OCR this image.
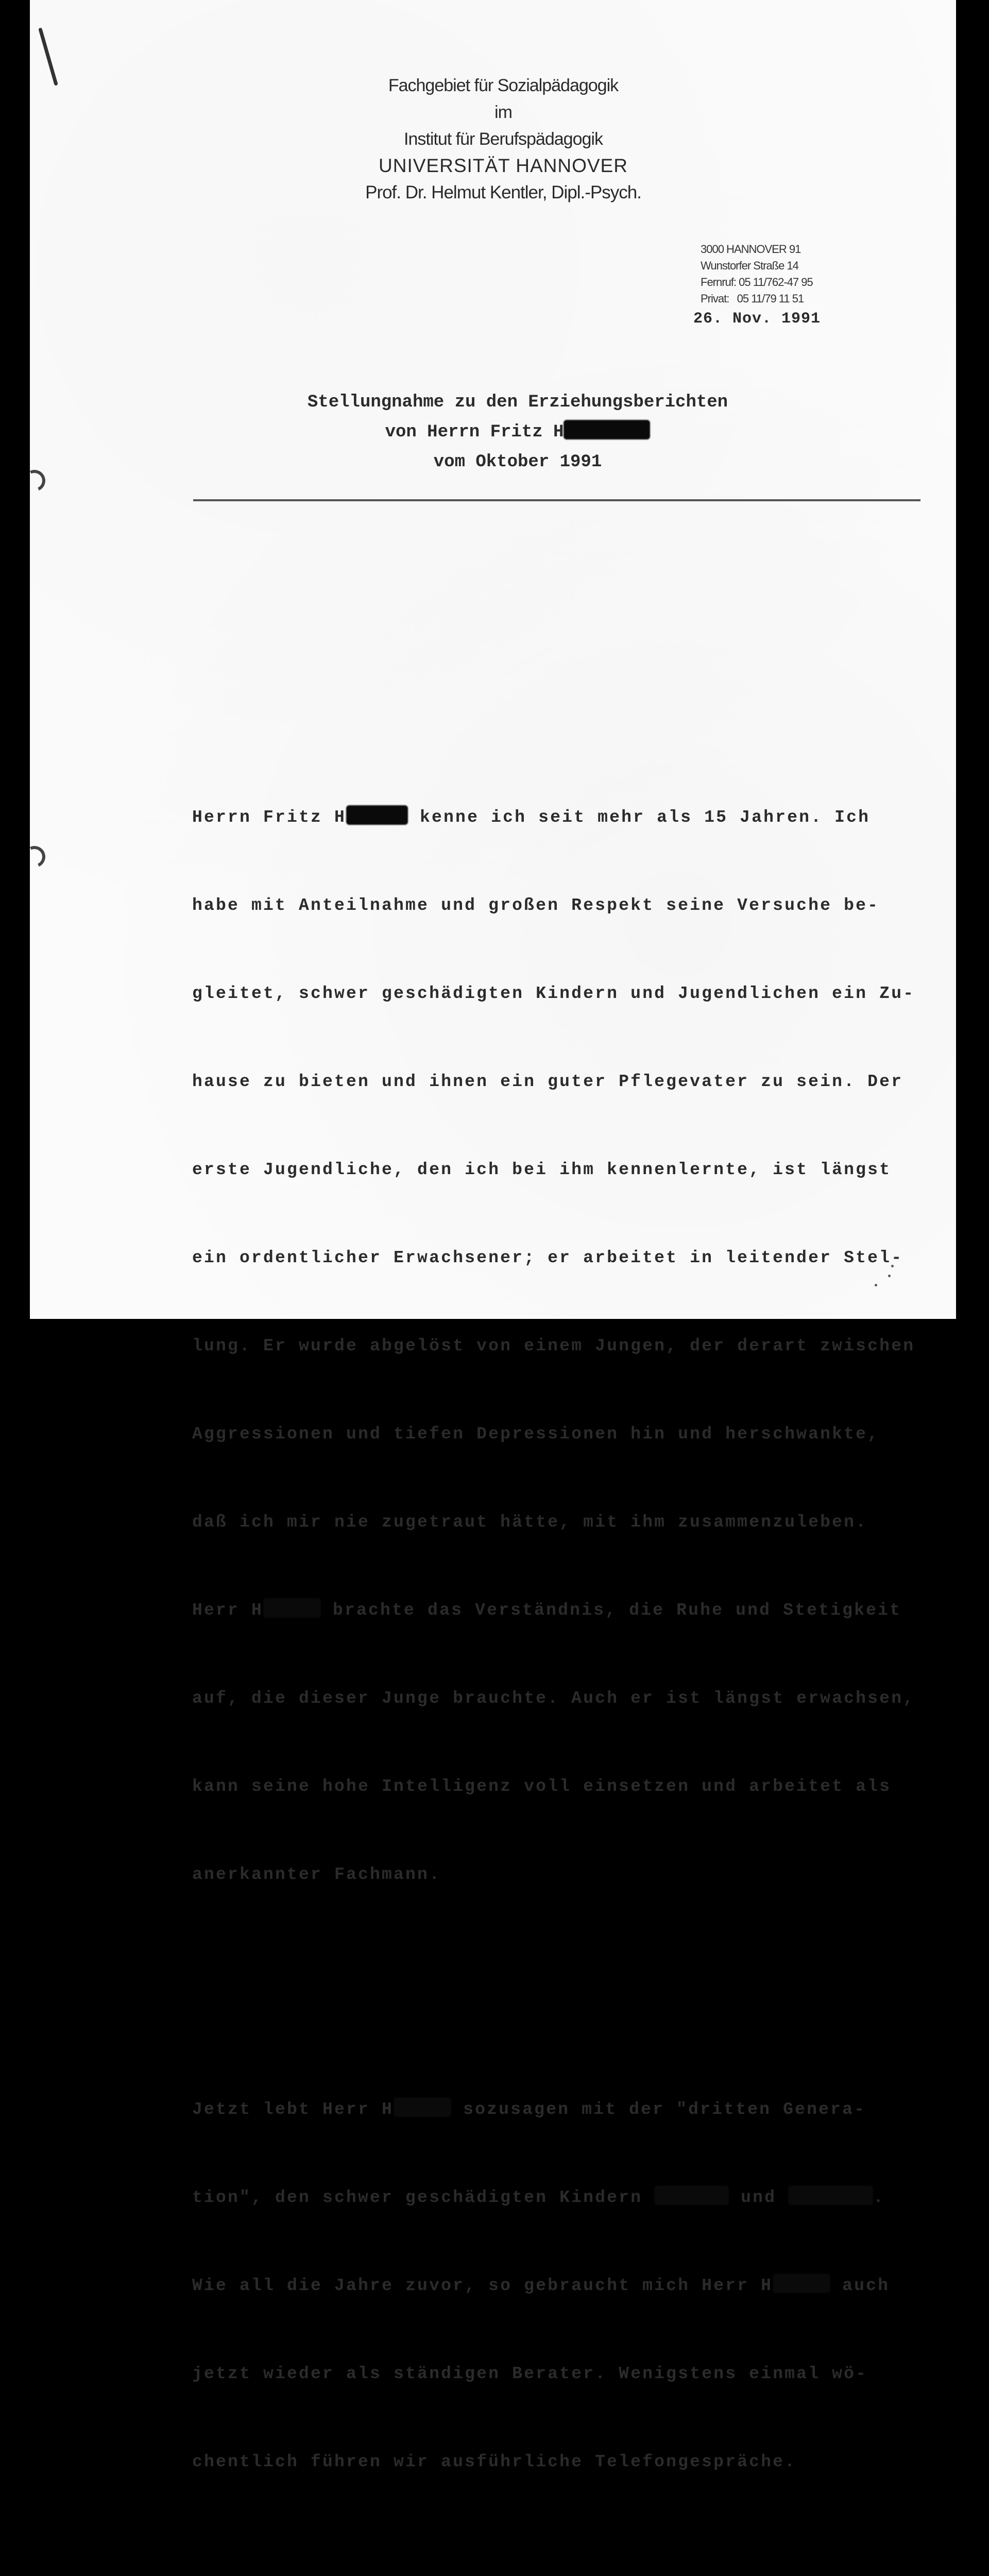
Fachgebiet für Sozialpädagogik
im
Institut für Berufspädagogik
UNIVERSITÄT HANNOVER
Prof. Dr. Helmut Kentler, Dipl.-Psych.
3000 HANNOVER 91
Wunstorfer Straße 14
Fernruf: 05 11/762-47 95
Privat:   05 11/79 11 51
26. Nov. 1991
Stellungnahme zu den Erziehungsberichten
von Herrn Fritz H
vom Oktober 1991

Herrn Fritz H	kenne ich seit mehr als 15 Jahren. Ich

habe mit Anteilnahme und großen Respekt seine Versuche be-

gleitet, schwer geschädigten Kindern und Jugendlichen ein Zu-

hause zu bieten und ihnen ein guter Pflegevater zu sein. Der

erste Jugendliche, den ich bei ihm kennenlernte, ist längst

ein ordentlicher Erwachsener; er arbeitet in leitender Stel-

lung. Er wurde abgelöst von einem Jungen, der derart zwischen

Aggressionen und tiefen Depressionen hin und herschwankte,

daß ich mir nie zugetraut hätte, mit ihm zusammenzuleben.

Herr H	brachte das Verständnis, die Ruhe und Stetigkeit

auf, die dieser Junge brauchte. Auch er ist längst erwachsen,

kann seine hohe Intelligenz voll einsetzen und arbeitet als

anerkannter Fachmann.

Jetzt lebt Herr H	sozusagen mit der "dritten Genera-

tion", den schwer geschädigten Kindern	und	.

Wie all die Jahre zuvor, so gebraucht mich Herr H	auch

jetzt wieder als ständigen Berater. Wenigstens einmal wö-

chentlich führen wir ausführliche Telefongespräche.
